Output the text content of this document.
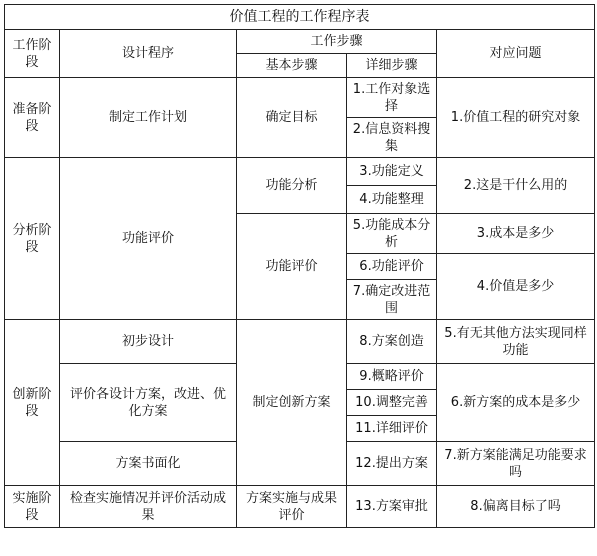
价值工程的工作程序表				
工作阶段	设计程序	工作步骤		对应问题
		基本步骤	详细步骤	
准备阶段	制定工作计划	确定目标	1.工作对象选择	1.价值工程的研究对象
			2.信息资料搜集	
分析阶段	功能评价	功能分析	3.功能定义	2.这是干什么用的
			4.功能整理	
		功能评价	5.功能成本分析	3.成本是多少
			6.功能评价	4.价值是多少
			7.确定改进范围	
创新阶段	初步设计	制定创新方案	8.方案创造	5.有无其他方法实现同样功能
	评价各设计方案，改进、优化方案		9.概略评价	6.新方案的成本是多少
			10.调整完善	
			11.详细评价	
	方案书面化		12.提出方案	7.新方案能满足功能要求吗

实施阶段	检查实施情况并评价活动成果	方案实施与成果评价	13.方案审批	8.偏离目标了吗
